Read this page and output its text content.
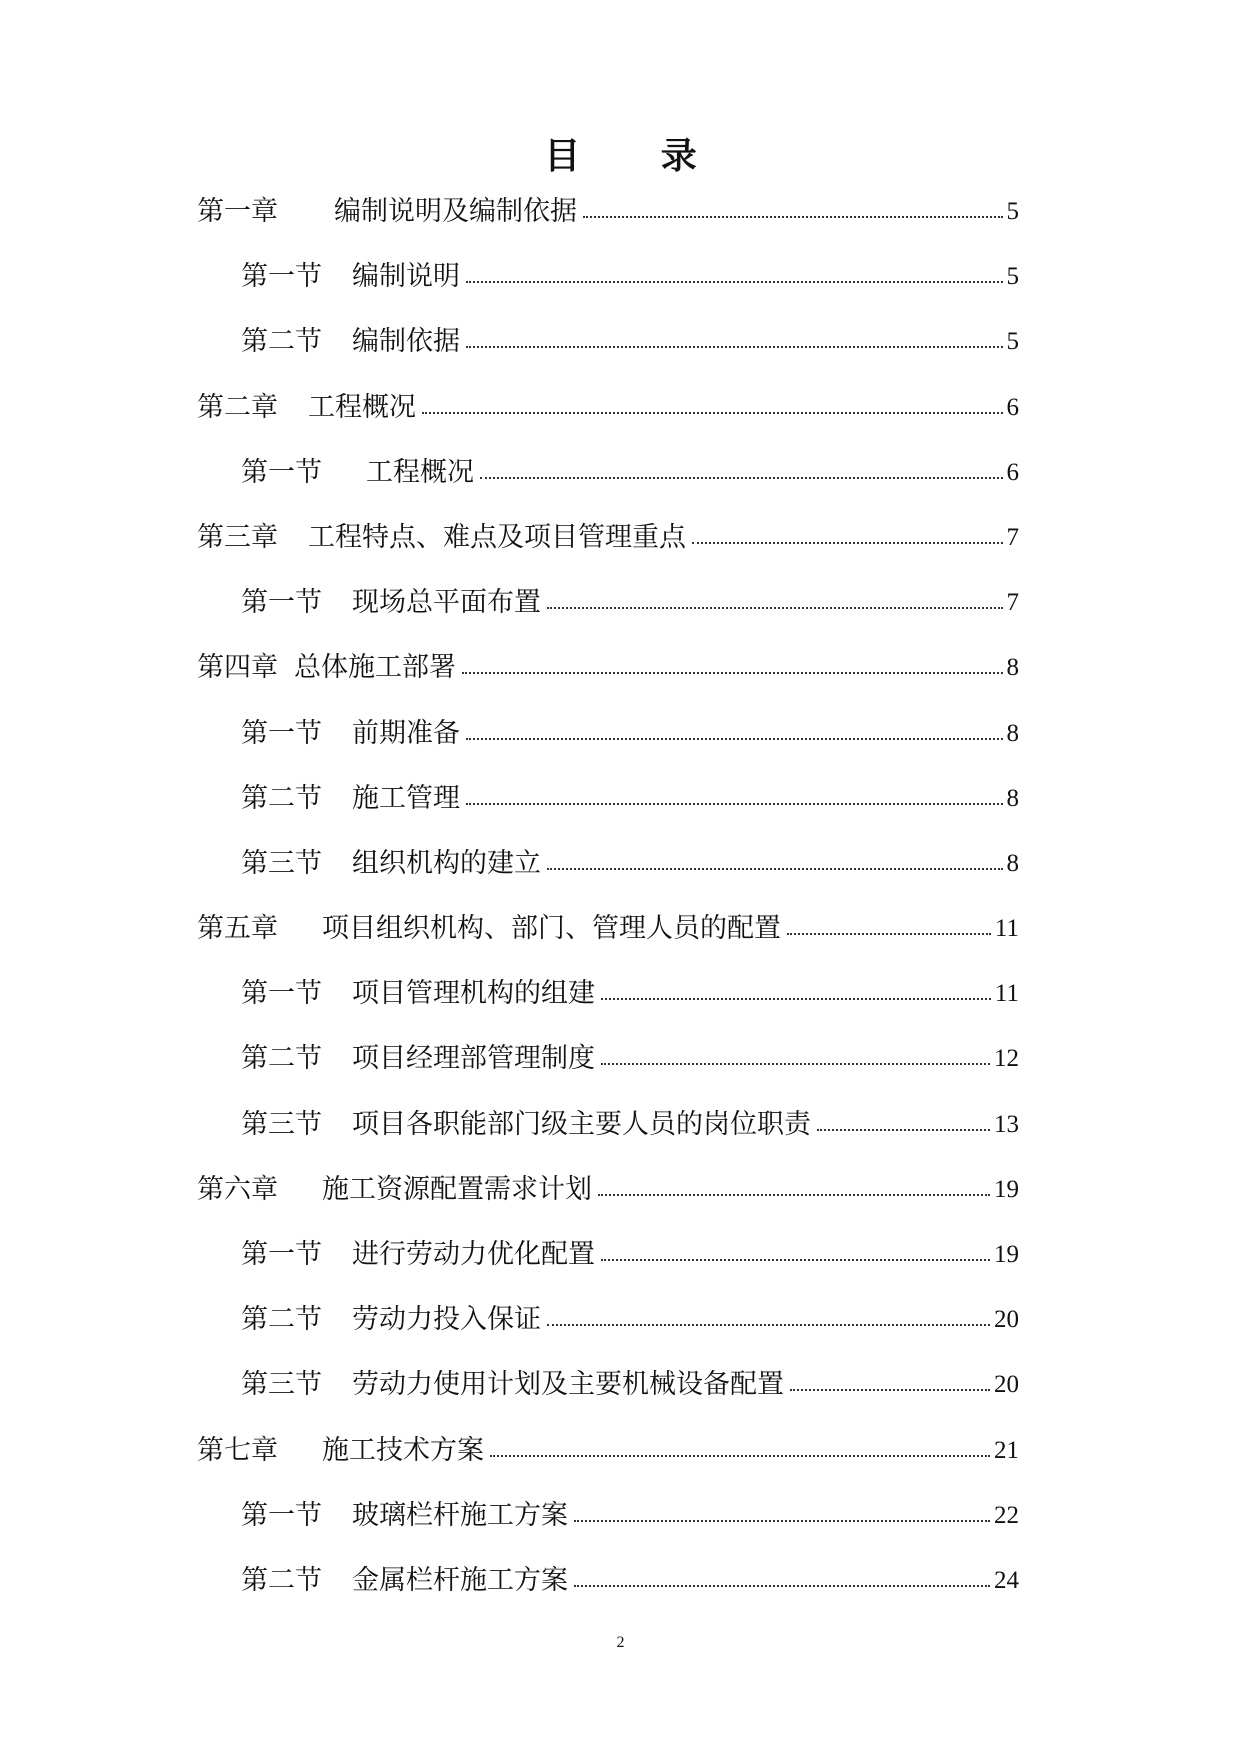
目 录
第一章 编制说明及编制依据	5
第一节 编制说明	5
第二节 编制依据	5
第二章 工程概况	6
第一节 工程概况	6
第三章 工程特点、难点及项目管理重点	7
第一节 现场总平面布置	7
第四章 总体施工部署	8
第一节 前期准备	8
第二节 施工管理	8
第三节 组织机构的建立	8
第五章 项目组织机构、部门、管理人员的配置	11
第一节 项目管理机构的组建	11
第二节 项目经理部管理制度	12
第三节 项目各职能部门级主要人员的岗位职责	13
第六章 施工资源配置需求计划	19
第一节 进行劳动力优化配置	19
第二节 劳动力投入保证	20
第三节 劳动力使用计划及主要机械设备配置	20
第七章 施工技术方案	21
第一节 玻璃栏杆施工方案	22
第二节 金属栏杆施工方案	24
2
